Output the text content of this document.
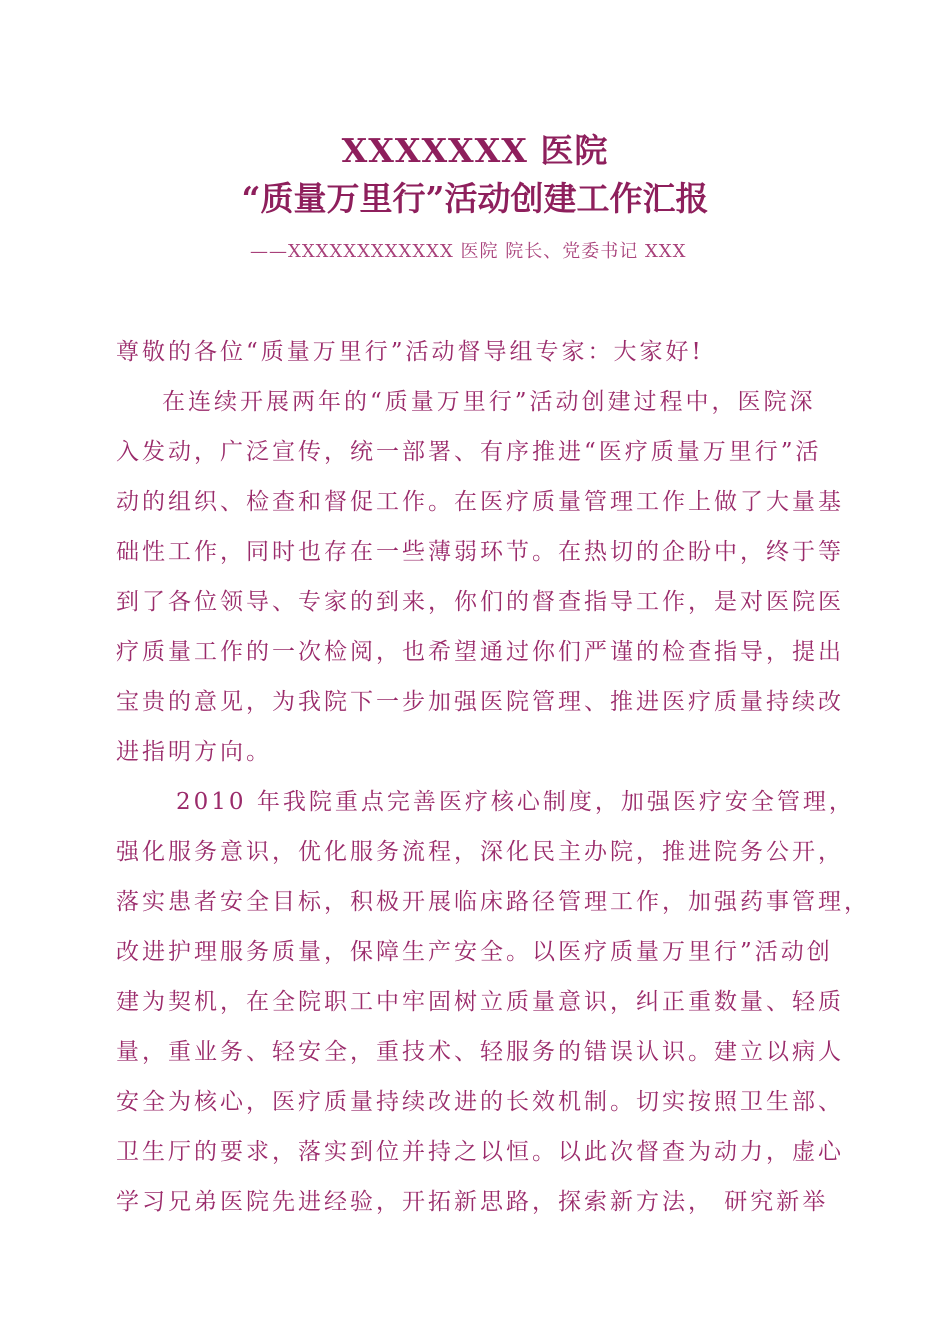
XXXXXXX 医院
“质量万里行”活动创建工作汇报
——XXXXXXXXXXXX 医院 院长、党委书记 XXX
尊敬的各位“质量万里行”活动督导组专家：大家好!
在连续开展两年的“质量万里行”活动创建过程中，医院深
入发动，广泛宣传，统一部署、有序推进“医疗质量万里行”活
动的组织、检查和督促工作。在医疗质量管理工作上做了大量基
础性工作，同时也存在一些薄弱环节。在热切的企盼中，终于等
到了各位领导、专家的到来，你们的督查指导工作，是对医院医
疗质量工作的一次检阅，也希望通过你们严谨的检查指导，提出
宝贵的意见，为我院下一步加强医院管理、推进医疗质量持续改
进指明方向。
2010 年我院重点完善医疗核心制度，加强医疗安全管理，
强化服务意识，优化服务流程，深化民主办院，推进院务公开，
落实患者安全目标，积极开展临床路径管理工作，加强药事管理，
改进护理服务质量，保障生产安全。以医疗质量万里行”活动创
建为契机，在全院职工中牢固树立质量意识，纠正重数量、轻质
量，重业务、轻安全，重技术、轻服务的错误认识。建立以病人
安全为核心，医疗质量持续改进的长效机制。切实按照卫生部、
卫生厅的要求，落实到位并持之以恒。以此次督查为动力，虚心
学习兄弟医院先进经验，开拓新思路，探索新方法， 研究新举
